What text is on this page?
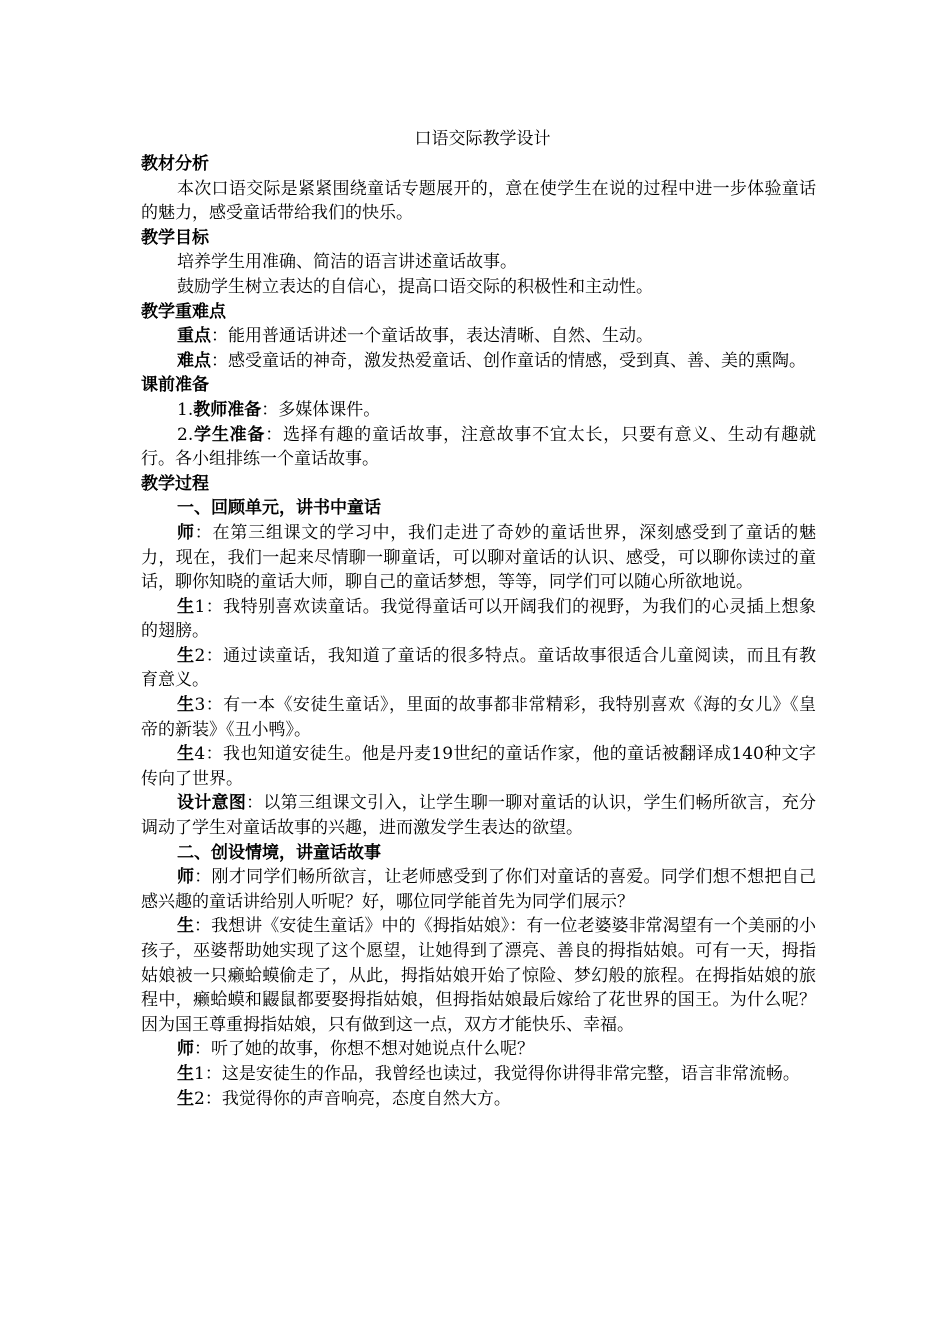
口语交际教学设计
教材分析

本次口语交际是紧紧围绕童话专题展开的，意在使学生在说的过程中进一步体验童话的魅力，感受童话带给我们的快乐。

教学目标

培养学生用准确、简洁的语言讲述童话故事。

鼓励学生树立表达的自信心，提高口语交际的积极性和主动性。

教学重难点

重点：能用普通话讲述一个童话故事，表达清晰、自然、生动。

难点：感受童话的神奇，激发热爱童话、创作童话的情感，受到真、善、美的熏陶。

课前准备

1.教师准备：多媒体课件。

2.学生准备：选择有趣的童话故事，注意故事不宜太长，只要有意义、生动有趣就行。各小组排练一个童话故事。

教学过程
一、回顾单元，讲书中童话

师：在第三组课文的学习中，我们走进了奇妙的童话世界，深刻感受到了童话的魅力，现在，我们一起来尽情聊一聊童话，可以聊对童话的认识、感受，可以聊你读过的童话，聊你知晓的童话大师，聊自己的童话梦想，等等，同学们可以随心所欲地说。

生1：我特别喜欢读童话。我觉得童话可以开阔我们的视野，为我们的心灵插上想象的翅膀。

生2：通过读童话，我知道了童话的很多特点。童话故事很适合儿童阅读，而且有教育意义。

生3：有一本《安徒生童话》，里面的故事都非常精彩，我特别喜欢《海的女儿》《皇帝的新装》《丑小鸭》。

生4：我也知道安徒生。他是丹麦19世纪的童话作家，他的童话被翻译成140种文字传向了世界。

设计意图：以第三组课文引入，让学生聊一聊对童话的认识，学生们畅所欲言，充分调动了学生对童话故事的兴趣，进而激发学生表达的欲望。

二、创设情境，讲童话故事

师：刚才同学们畅所欲言，让老师感受到了你们对童话的喜爱。同学们想不想把自己感兴趣的童话讲给别人听呢？好，哪位同学能首先为同学们展示？

生：我想讲《安徒生童话》中的《拇指姑娘》：有一位老婆婆非常渴望有一个美丽的小孩子，巫婆帮助她实现了这个愿望，让她得到了漂亮、善良的拇指姑娘。可有一天，拇指姑娘被一只癞蛤蟆偷走了，从此，拇指姑娘开始了惊险、梦幻般的旅程。在拇指姑娘的旅程中，癞蛤蟆和鼹鼠都要娶拇指姑娘，但拇指姑娘最后嫁给了花世界的国王。为什么呢？因为国王尊重拇指姑娘，只有做到这一点，双方才能快乐、幸福。

师：听了她的故事，你想不想对她说点什么呢？

生1：这是安徒生的作品，我曾经也读过，我觉得你讲得非常完整，语言非常流畅。

生2：我觉得你的声音响亮，态度自然大方。
